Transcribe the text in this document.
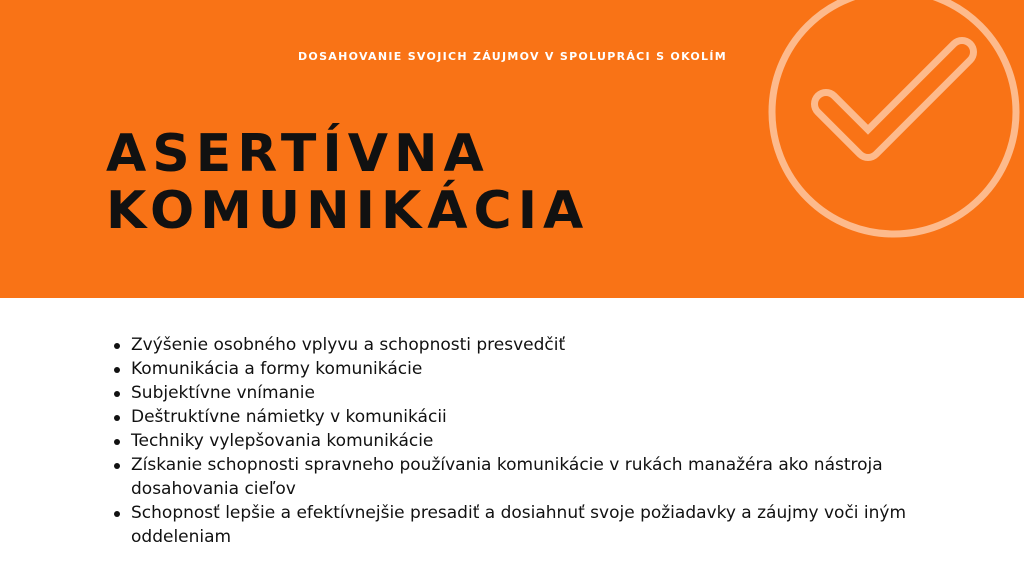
DOSAHOVANIE SVOJICH ZÁUJMOV V SPOLUPRÁCI S OKOLÍM
ASERTÍVNA
KOMUNIKÁCIA
Zvýšenie osobného vplyvu a schopnosti presvedčiť
Komunikácia a formy komunikácie
Subjektívne vnímanie
Deštruktívne námietky v komunikácii
Techniky vylepšovania komunikácie
Získanie schopnosti spravneho používania komunikácie v rukách manažéra ako nástroja dosahovania cieľov
Schopnosť lepšie a efektívnejšie presadiť a dosiahnuť svoje požiadavky a záujmy voči iným oddeleniam
